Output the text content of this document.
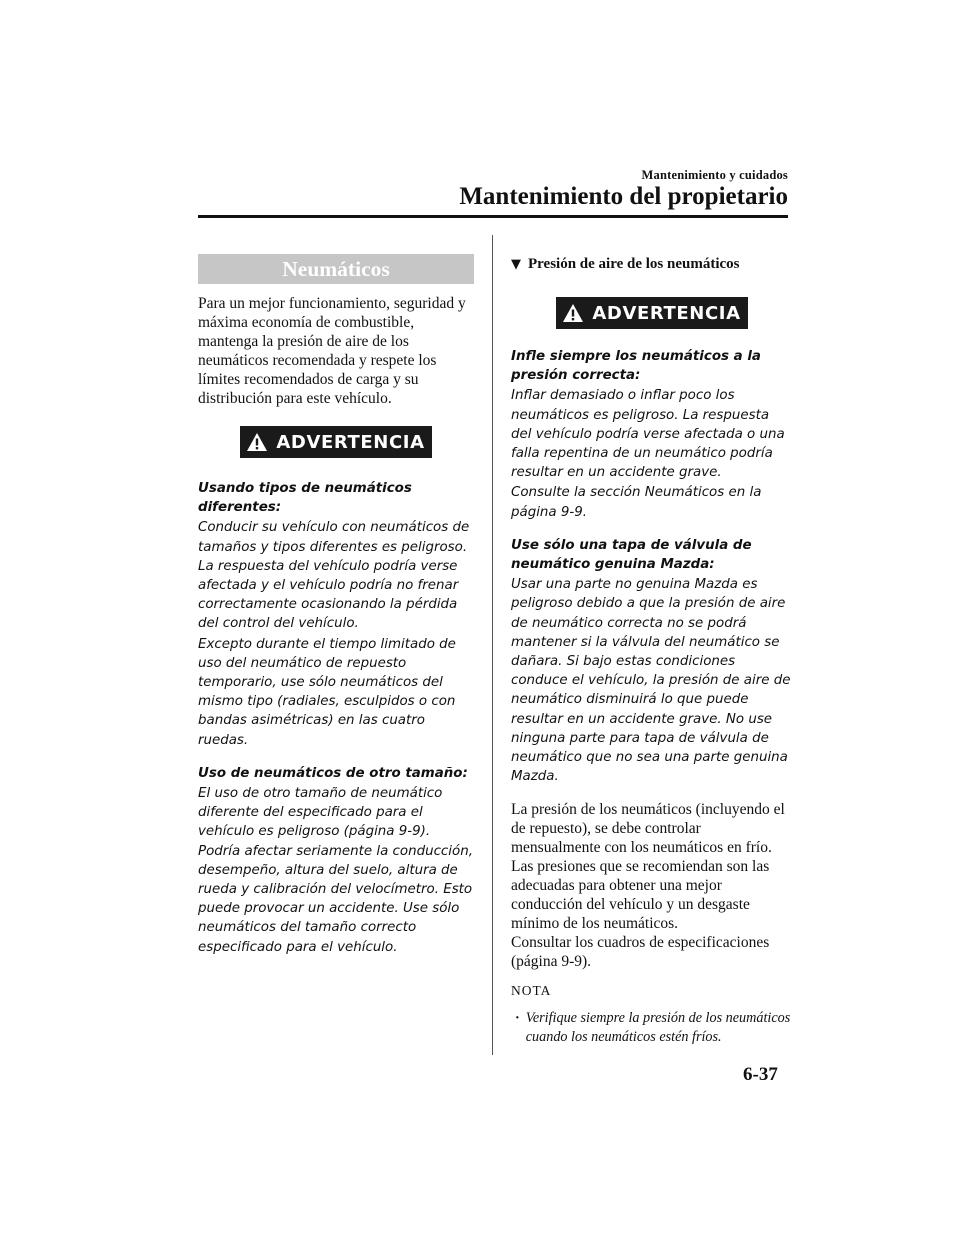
Mantenimiento y cuidados
Mantenimiento del propietario
Neumáticos

Para un mejor funcionamiento, seguridad y máxima economía de combustible, mantenga la presión de aire de los neumáticos recomendada y respete los límites recomendados de carga y su distribución para este vehículo.

ADVERTENCIA

Usando tipos de neumáticos diferentes:

Conducir su vehículo con neumáticos de tamaños y tipos diferentes es peligroso. La respuesta del vehículo podría verse afectada y el vehículo podría no frenar correctamente ocasionando la pérdida del control del vehículo.

Excepto durante el tiempo limitado de uso del neumático de repuesto temporario, use sólo neumáticos del mismo tipo (radiales, esculpidos o con bandas asimétricas) en las cuatro ruedas.

Uso de neumáticos de otro tamaño:

El uso de otro tamaño de neumático diferente del especificado para el vehículo es peligroso (página 9-9). Podría afectar seriamente la conducción, desempeño, altura del suelo, altura de rueda y calibración del velocímetro. Esto puede provocar un accidente. Use sólo neumáticos del tamaño correcto especificado para el vehículo.

▼ Presión de aire de los neumáticos
ADVERTENCIA

Infle siempre los neumáticos a la presión correcta:

Inflar demasiado o inflar poco los neumáticos es peligroso. La respuesta del vehículo podría verse afectada o una falla repentina de un neumático podría resultar en un accidente grave.

Consulte la sección Neumáticos en la página 9-9.

Use sólo una tapa de válvula de neumático genuina Mazda:

Usar una parte no genuina Mazda es peligroso debido a que la presión de aire de neumático correcta no se podrá mantener si la válvula del neumático se dañara. Si bajo estas condiciones conduce el vehículo, la presión de aire de neumático disminuirá lo que puede resultar en un accidente grave. No use ninguna parte para tapa de válvula de neumático que no sea una parte genuina Mazda.

La presión de los neumáticos (incluyendo el de repuesto), se debe controlar mensualmente con los neumáticos en frío. Las presiones que se recomiendan son las adecuadas para obtener una mejor conducción del vehículo y un desgaste mínimo de los neumáticos.

Consultar los cuadros de especificaciones (página 9-9).

NOTA
· Verifique siempre la presión de los neumáticos cuando los neumáticos estén fríos.
6-37
